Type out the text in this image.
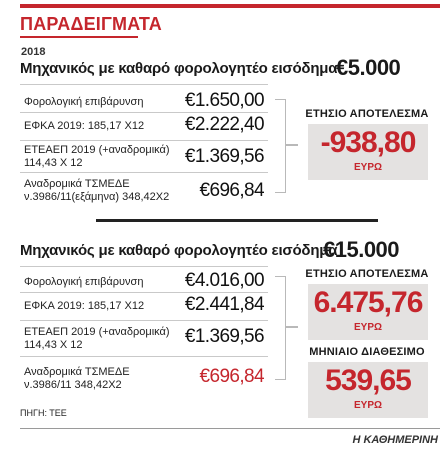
ΠΑΡΑΔΕΙΓΜΑΤΑ
2018
Μηχανικός με καθαρό φορολογητέο εισόδημα
€5.000
Φορολογική επιβάρυνση	€1.650,00
ΕΦΚΑ 2019: 185,17 Χ12	€2.222,40
ΕΤΕΑΕΠ 2019 (+αναδρομικά)
114,43 Χ 12	€1.369,56
Αναδρομικά ΤΣΜΕΔΕ
ν.3986/11(εξάμηνα) 348,42Χ2	€696,84
ΕΤΗΣΙΟ ΑΠΟΤΕΛΕΣΜΑ
-938,80
ΕΥΡΩ
Μηχανικός με καθαρό φορολογητέο εισόδημα
€15.000
Φορολογική επιβάρυνση	€4.016,00
ΕΦΚΑ 2019: 185,17 Χ12	€2.441,84
ΕΤΕΑΕΠ 2019 (+αναδρομικά)
114,43 Χ 12	€1.369,56
Αναδρομικά ΤΣΜΕΔΕ
ν.3986/11 348,42Χ2	€696,84
ΕΤΗΣΙΟ ΑΠΟΤΕΛΕΣΜΑ
6.475,76
ΕΥΡΩ
ΜΗΝΙΑΙΟ ΔΙΑΘΕΣΙΜΟ
539,65
ΕΥΡΩ
ΠΗΓΗ: ΤΕΕ
Η ΚΑΘΗΜΕΡΙΝΗ
